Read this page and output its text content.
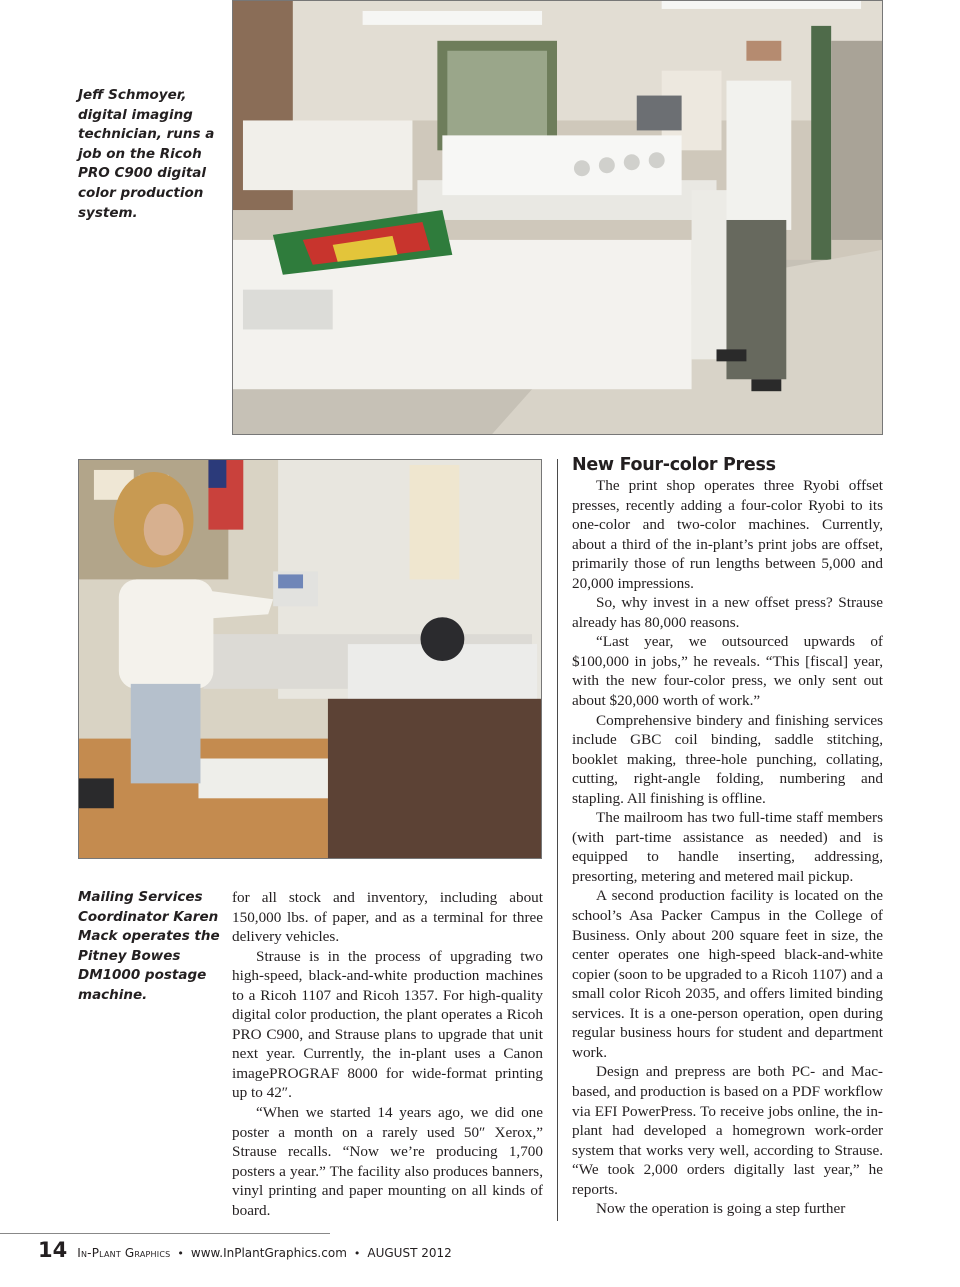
Jeff Schmoyer, digital imaging technician, runs a job on the Ricoh PRO C900 digital color production system.

Mailing Services Coordinator Karen Mack operates the Pitney Bowes DM1000 postage machine.

for all stock and inventory, including about 150,000 lbs. of paper, and as a terminal for three delivery vehicles.

Strause is in the process of upgrading two high-speed, black-and-white production machines to a Ricoh 1107 and Ricoh 1357. For high-quality digital color production, the plant operates a Ricoh PRO C900, and Strause plans to upgrade that unit next year. Currently, the in-plant uses a Canon imagePROGRAF 8000 for wide-format printing up to 42″.

“When we started 14 years ago, we did one poster a month on a rarely used 50″ Xerox,” Strause recalls. “Now we’re producing 1,700 posters a year.” The facility also produces banners, vinyl printing and paper mounting on all kinds of board.

New Four-color Press

The print shop operates three Ryobi offset presses, recently adding a four-color Ryobi to its one-color and two-color machines. Currently, about a third of the in-plant’s print jobs are offset, primarily those of run lengths between 5,000 and 20,000 impressions.

So, why invest in a new offset press? Strause already has 80,000 reasons.

“Last year, we outsourced upwards of $100,000 in jobs,” he reveals. “This [fiscal] year, with the new four-color press, we only sent out about $20,000 worth of work.”

Comprehensive bindery and finishing services include GBC coil binding, saddle stitching, booklet making, three-hole punching, collating, cutting, right-angle folding, numbering and stapling. All finishing is offline.

The mailroom has two full-time staff members (with part-time assistance as needed) and is equipped to handle inserting, addressing, presorting, metering and metered mail pickup.

A second production facility is located on the school’s Asa Packer Campus in the College of Business. Only about 200 square feet in size, the center operates one high-speed black-and-white copier (soon to be upgraded to a Ricoh 1107) and a small color Ricoh 2035, and offers limited binding services. It is a one-person operation, open during regular business hours for student and department work.

Design and prepress are both PC- and Mac-based, and production is based on a PDF workflow via EFI PowerPress. To receive jobs online, the in-plant had developed a homegrown work-order system that works very well, according to Strause. “We took 2,000 orders digitally last year,” he reports.

Now the operation is going a step further

14 In-Plant Graphics • www.InPlantGraphics.com • AUGUST 2012
